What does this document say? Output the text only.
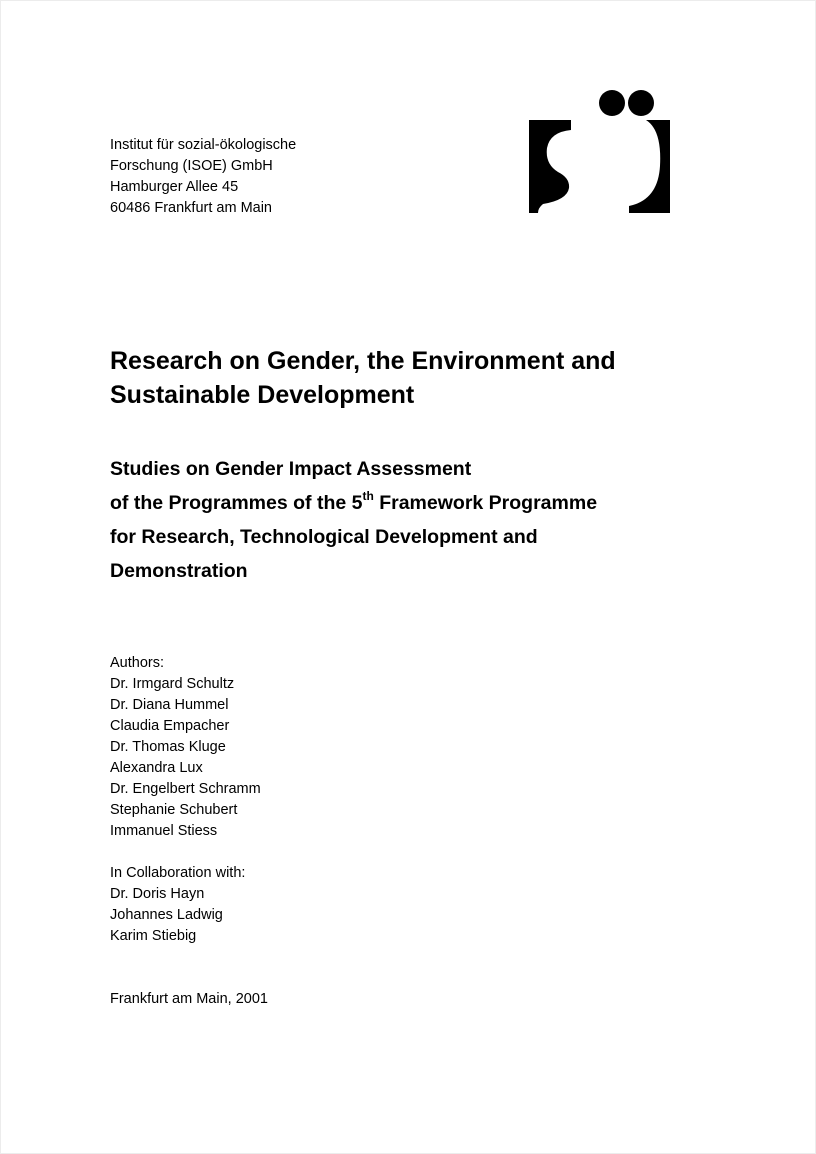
Institut für sozial-ökologische
Forschung (ISOE) GmbH
Hamburger Allee 45
60486 Frankfurt am Main
Research on Gender, the Environment and
Sustainable Development
Studies on Gender Impact Assessment
of the Programmes of the 5th Framework Programme
for Research, Technological Development and
Demonstration
Authors:
Dr. Irmgard Schultz
Dr. Diana Hummel
Claudia Empacher
Dr. Thomas Kluge
Alexandra Lux
Dr. Engelbert Schramm
Stephanie Schubert
Immanuel Stiess
In Collaboration with:
Dr. Doris Hayn
Johannes Ladwig
Karim Stiebig
Frankfurt am Main, 2001
